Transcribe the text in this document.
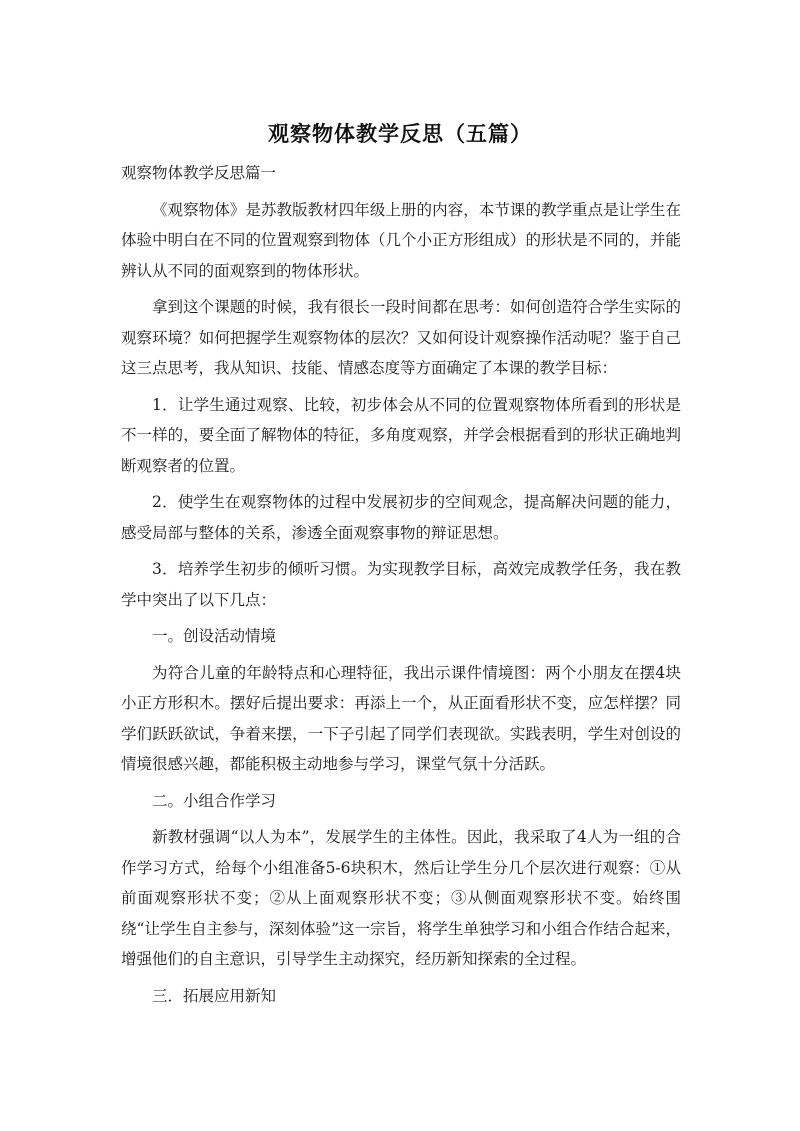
观察物体教学反思（五篇）

观察物体教学反思篇一

《观察物体》是苏教版教材四年级上册的内容，本节课的教学重点是让学生在体验中明白在不同的位置观察到物体（几个小正方形组成）的形状是不同的，并能辨认从不同的面观察到的物体形状。

拿到这个课题的时候，我有很长一段时间都在思考：如何创造符合学生实际的观察环境？如何把握学生观察物体的层次？又如何设计观察操作活动呢？鉴于自己这三点思考，我从知识、技能、情感态度等方面确定了本课的教学目标：

1．让学生通过观察、比较，初步体会从不同的位置观察物体所看到的形状是不一样的，要全面了解物体的特征，多角度观察，并学会根据看到的形状正确地判断观察者的位置。

2．使学生在观察物体的过程中发展初步的空间观念，提高解决问题的能力，感受局部与整体的关系，渗透全面观察事物的辩证思想。

3．培养学生初步的倾听习惯。为实现教学目标，高效完成教学任务，我在教学中突出了以下几点：

一。创设活动情境

为符合儿童的年龄特点和心理特征，我出示课件情境图：两个小朋友在摆4块小正方形积木。摆好后提出要求：再添上一个，从正面看形状不变，应怎样摆？同学们跃跃欲试，争着来摆，一下子引起了同学们表现欲。实践表明，学生对创设的情境很感兴趣，都能积极主动地参与学习，课堂气氛十分活跃。

二。小组合作学习

新教材强调“以人为本”，发展学生的主体性。因此，我采取了4人为一组的合作学习方式，给每个小组准备5-6块积木，然后让学生分几个层次进行观察：①从前面观察形状不变；②从上面观察形状不变；③从侧面观察形状不变。始终围绕“让学生自主参与，深刻体验”这一宗旨，将学生单独学习和小组合作结合起来，增强他们的自主意识，引导学生主动探究，经历新知探索的全过程。

三．拓展应用新知
